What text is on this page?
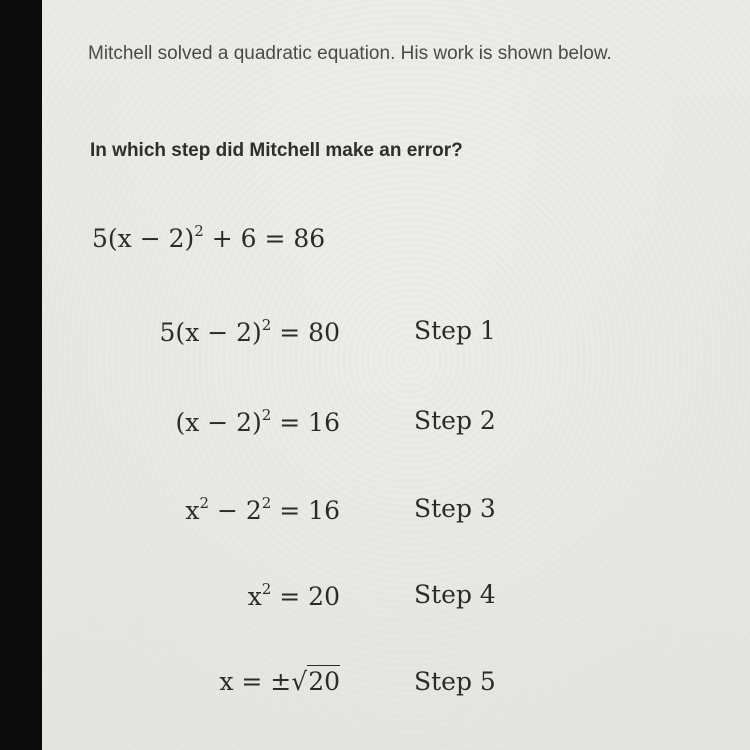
Mitchell solved a quadratic equation. His work is shown below.

In which step did Mitchell make an error?

$5(x - 2)^2 + 6 = 86$
$5(x - 2)^2 = 80$	Step 1
$(x - 2)^2 = 16$	Step 2
$x^2 - 2^2 = 16$	Step 3
$x^2 = 20$	Step 4
x = ±√20	Step 5
